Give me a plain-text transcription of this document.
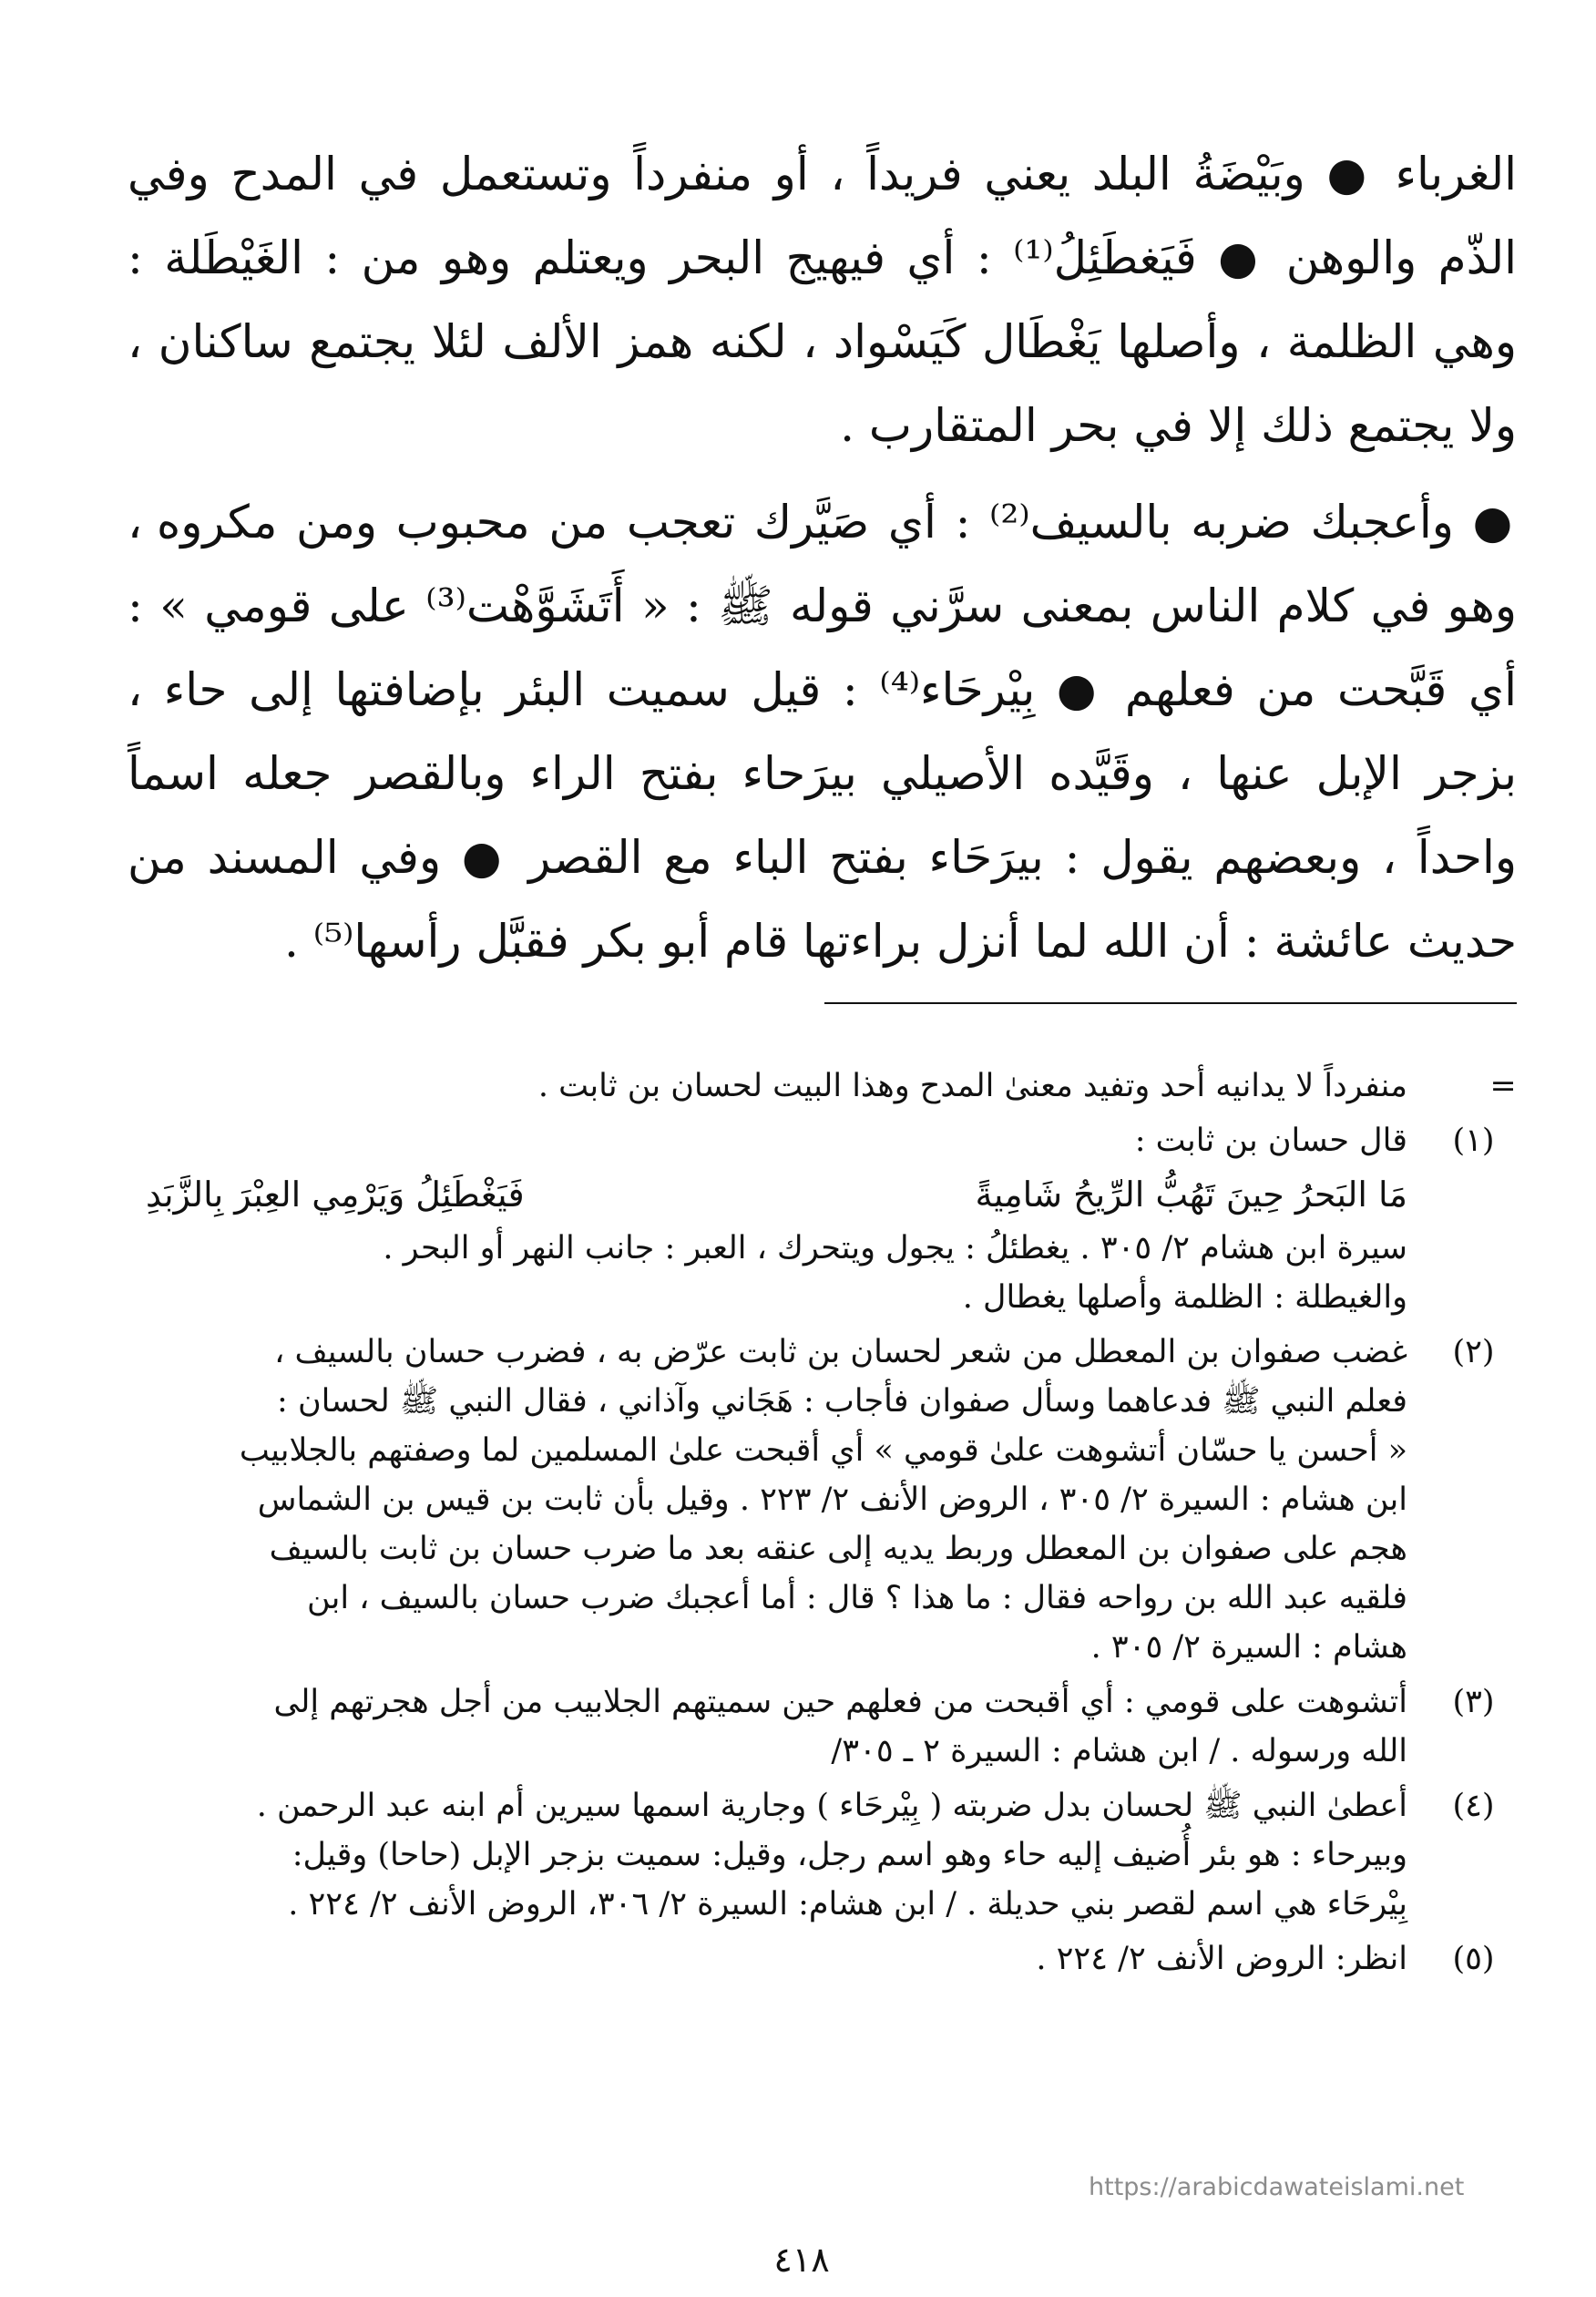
الغرباء ● وبَيْضَةُ البلد يعني فريداً ، أو منفرداً وتستعمل في المدح وفي الذّم والوهن ● فَيَغطَئِلُ⁽¹⁾ : أي فيهيج البحر ويعتلم وهو من : الغَيْطَلة : وهي الظلمة ، وأصلها يَغْطَال كَيَسْواد ، لكنه همز الألف لئلا يجتمع ساكنان ، ولا يجتمع ذلك إلا في بحر المتقارب .

● وأعجبك ضربه بالسيف⁽²⁾ : أي صَيَّرك تعجب من محبوب ومن مكروه ، وهو في كلام الناس بمعنى سرَّني قوله ﷺ : « أَتَشَوَّهْت⁽³⁾ على قومي » : أي قَبَّحت من فعلهم ● بِيْرحَاء⁽⁴⁾ : قيل سميت البئر بإضافتها إلى حاء ، بزجر الإبل عنها ، وقَيَّده الأصيلي بيرَحاء بفتح الراء وبالقصر جعله اسماً واحداً ، وبعضهم يقول : بيرَحَاء بفتح الباء مع القصر ● وفي المسند من حديث عائشة : أن الله لما أنزل براءتها قام أبو بكر فقبَّل رأسها⁽⁵⁾ .

=
منفرداً لا يدانيه أحد وتفيد معنىٰ المدح وهذا البيت لحسان بن ثابت .
(١)
قال حسان بن ثابت :
مَا البَحرُ حِينَ تَهُبُّ الرِّيحُ شَامِيةً
فَيَغْطَئِلُ وَيَرْمِي العِبْرَ بِالزَّبَدِ
سيرة ابن هشام ٢/ ٣٠٥ . يغطئلُ : يجول ويتحرك ، العبر : جانب النهر أو البحر .
والغيطلة : الظلمة وأصلها يغطال .
(٢)
غضب صفوان بن المعطل من شعر لحسان بن ثابت عرّض به ، فضرب حسان بالسيف ،
فعلم النبي ﷺ فدعاهما وسأل صفوان فأجاب : هَجَاني وآذاني ، فقال النبي ﷺ لحسان :
« أحسن يا حسّان أتشوهت علىٰ قومي » أي أقبحت علىٰ المسلمين لما وصفتهم بالجلابيب
ابن هشام : السيرة ٢/ ٣٠٥ ، الروض الأنف ٢/ ٢٢٣ . وقيل بأن ثابت بن قيس بن الشماس
هجم على صفوان بن المعطل وربط يديه إلى عنقه بعد ما ضرب حسان بن ثابت بالسيف
فلقيه عبد الله بن رواحه فقال : ما هذا ؟ قال : أما أعجبك ضرب حسان بالسيف ، ابن
هشام : السيرة ٢/ ٣٠٥ .
(٣)
أتشوهت على قومي : أي أقبحت من فعلهم حين سميتهم الجلابيب من أجل هجرتهم إلى
الله ورسوله . / ابن هشام : السيرة ٢ ـ ٣٠٥/
(٤)
أعطىٰ النبي ﷺ لحسان بدل ضربته ( بِيْرحَاء ) وجارية اسمها سيرين أم ابنه عبد الرحمن .
وبيرحاء : هو بئر أُضيف إليه حاء وهو اسم رجل، وقيل: سميت بزجر الإبل (حاحا) وقيل:
بِيْرحَاء هي اسم لقصر بني حديلة . / ابن هشام: السيرة ٢/ ٣٠٦، الروض الأنف ٢/ ٢٢٤ .
(٥)
انظر: الروض الأنف ٢/ ٢٢٤ .
https://arabicdawateislami.net
٤١٨
